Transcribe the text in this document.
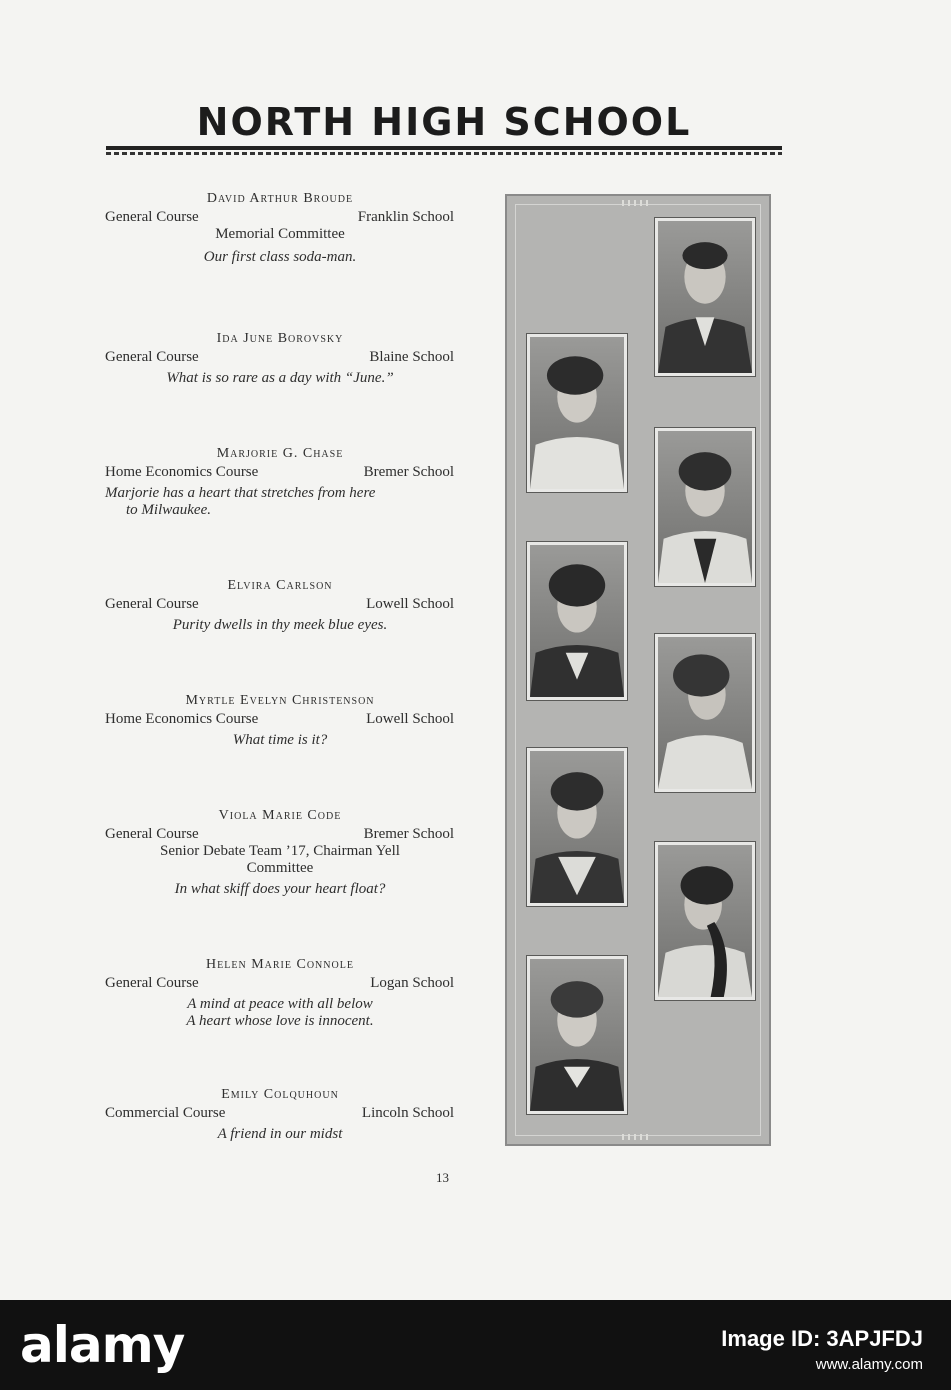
NORTH HIGH SCHOOL
David Arthur Broude
General Course	Franklin School
Memorial Committee
Our first class soda-man.
Ida June Borovsky
General Course	Blaine School
What is so rare as a day with “June.”
Marjorie G. Chase
Home Economics Course	Bremer School
Marjorie has a heart that stretches from here
to Milwaukee.
Elvira Carlson
General Course	Lowell School
Purity dwells in thy meek blue eyes.
Myrtle Evelyn Christenson
Home Economics Course	Lowell School
What time is it?
Viola Marie Code
General Course	Bremer School
Senior Debate Team ’17, Chairman Yell Committee
In what skiff does your heart float?
Helen Marie Connole
General Course	Logan School
A mind at peace with all below
A heart whose love is innocent.
Emily Colquhoun
Commercial Course	Lincoln School
A friend in our midst
13
alamy	Image ID: 3APJFDJ
www.alamy.com
